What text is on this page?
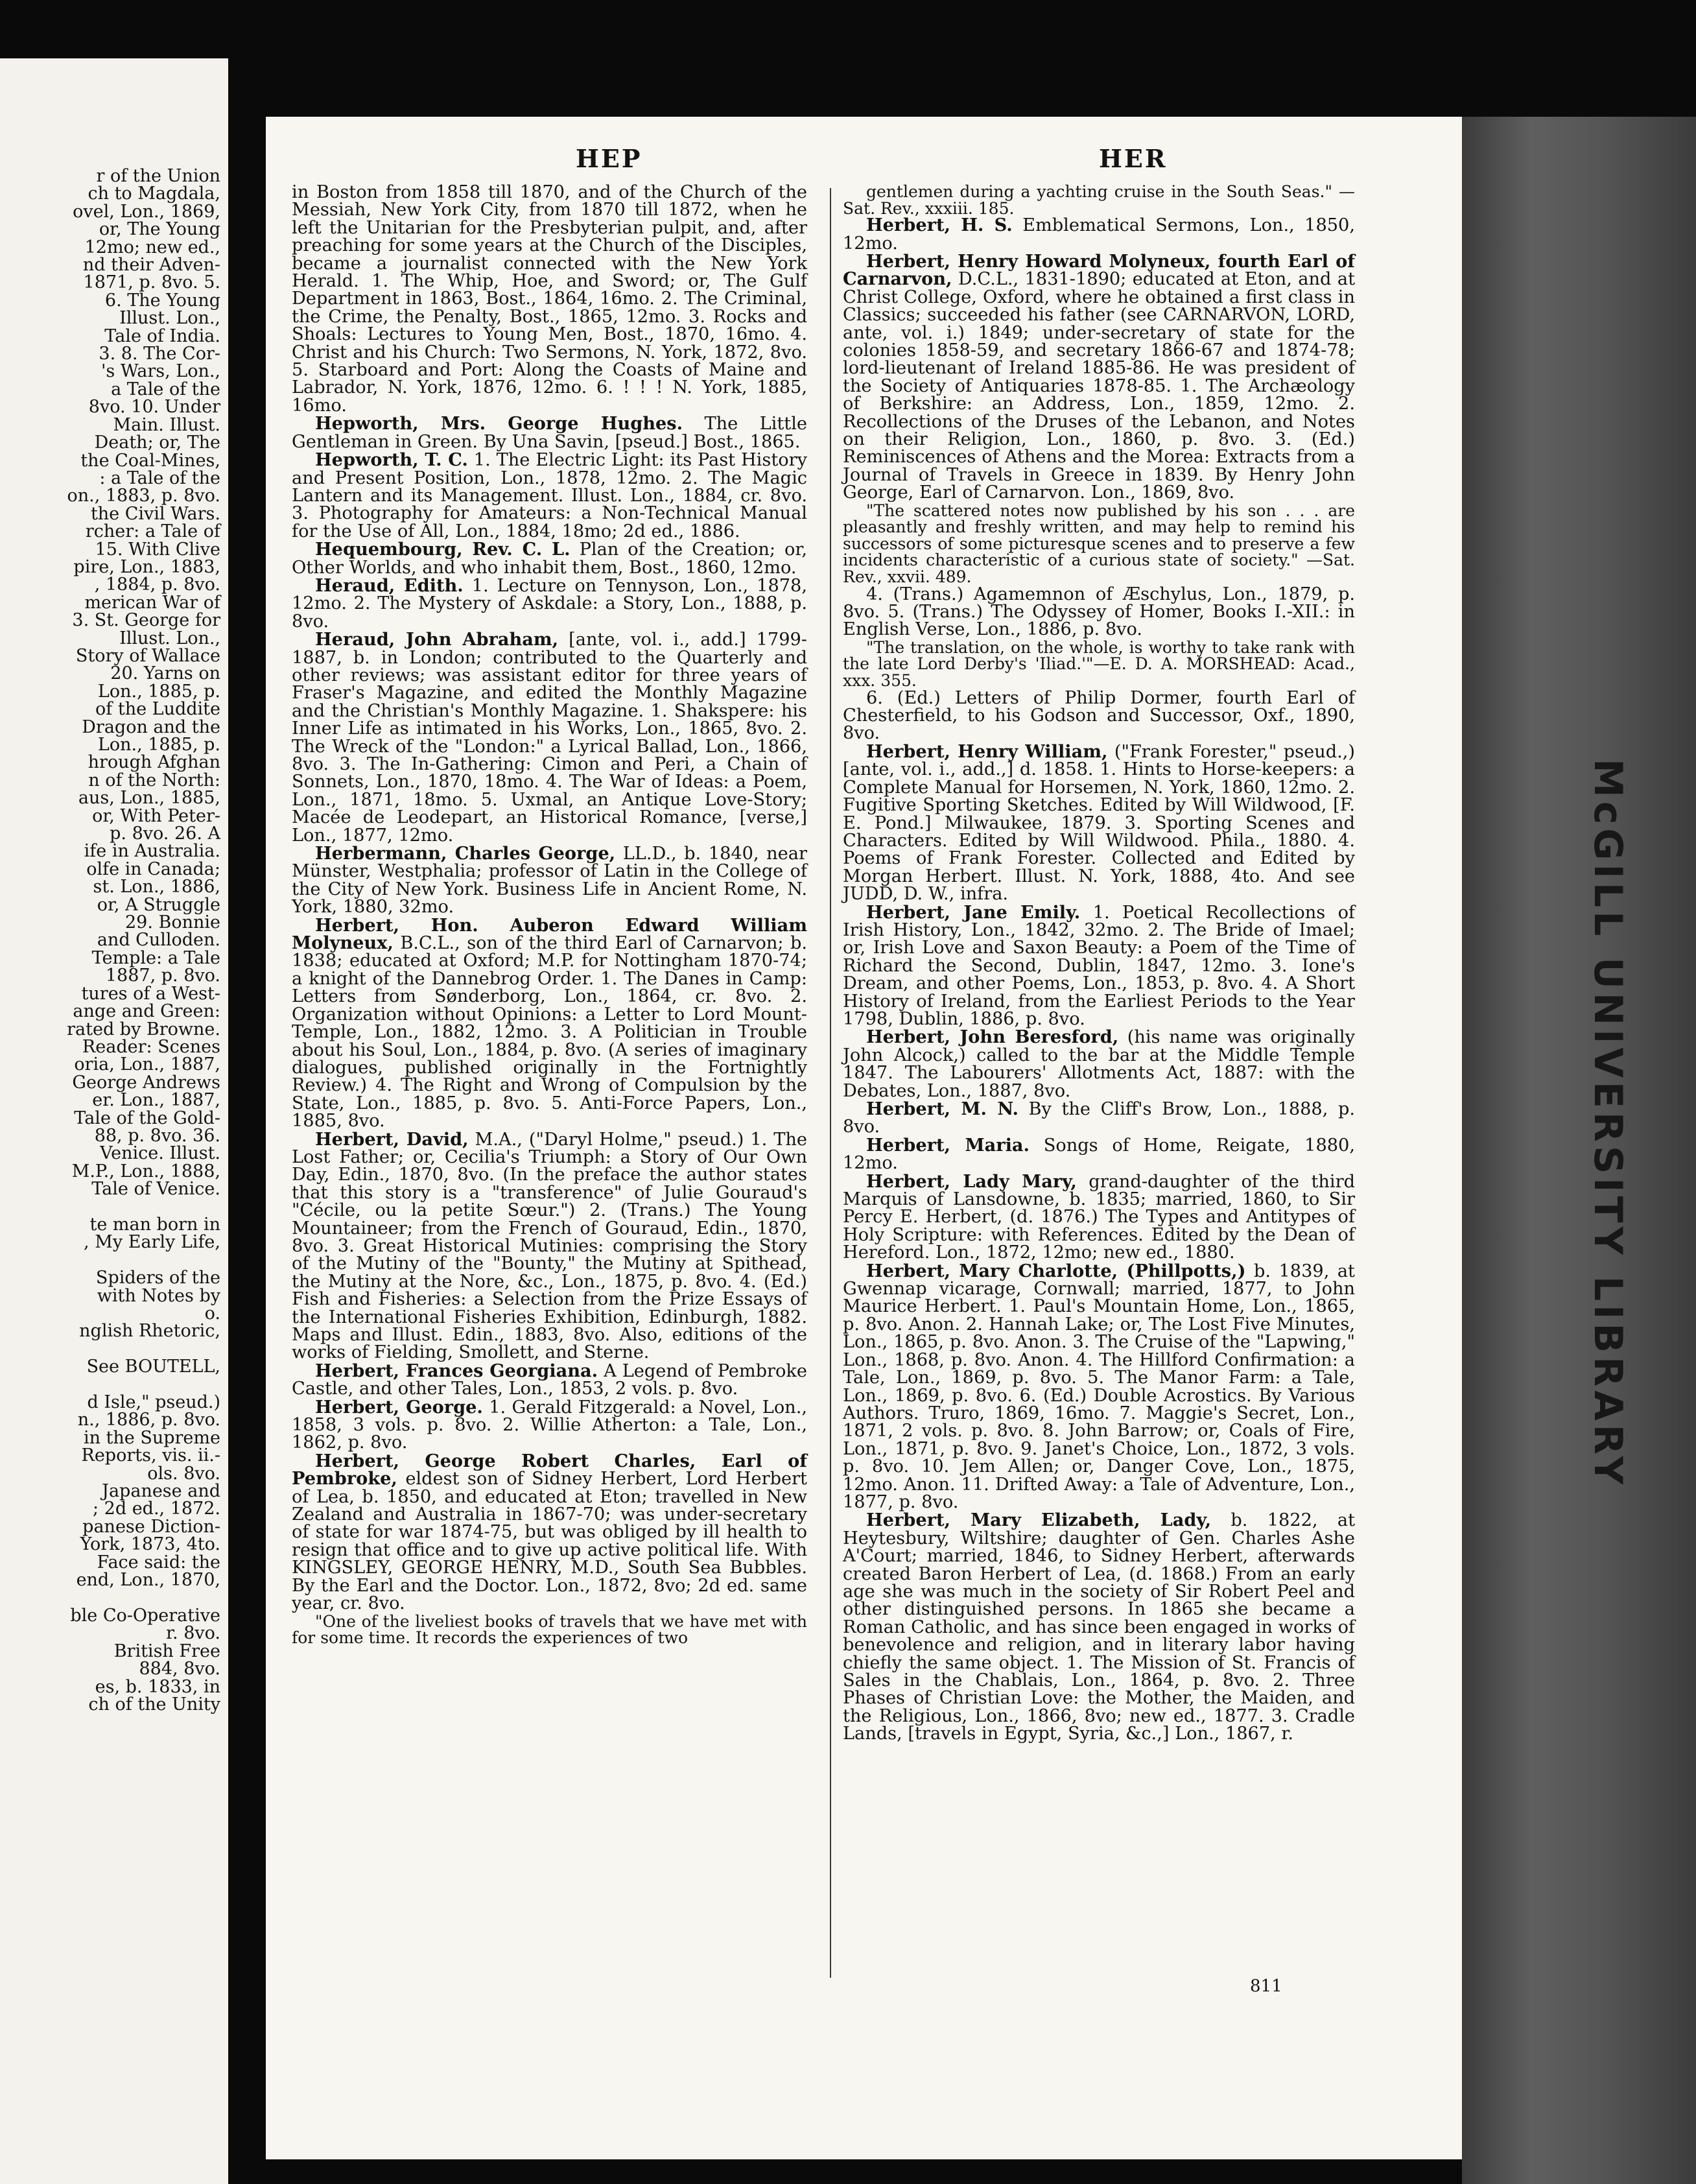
r of the Union
ch to Magdala,
ovel, Lon., 1869,
or, The Young
12mo; new ed.,
nd their Adven-
1871, p. 8vo. 5.
6. The Young
Illust. Lon.,
Tale of India.
3. 8. The Cor-
's Wars, Lon.,
a Tale of the
8vo. 10. Under
Main. Illust.
Death; or, The
the Coal-Mines,
: a Tale of the
on., 1883, p. 8vo.
the Civil Wars.
rcher: a Tale of
15. With Clive
pire, Lon., 1883,
, 1884, p. 8vo.
merican War of
3. St. George for
Illust. Lon.,
Story of Wallace
20. Yarns on
Lon., 1885, p.
of the Luddite
Dragon and the
Lon., 1885, p.
hrough Afghan
n of the North:
aus, Lon., 1885,
or, With Peter-
p. 8vo. 26. A
ife in Australia.
olfe in Canada;
st. Lon., 1886,
or, A Struggle
29. Bonnie
and Culloden.
Temple: a Tale
1887, p. 8vo.
tures of a West-
ange and Green:
rated by Browne.
Reader: Scenes
oria, Lon., 1887,
George Andrews
er. Lon., 1887,
Tale of the Gold-
88, p. 8vo. 36.
Venice. Illust.
M.P., Lon., 1888,
Tale of Venice.

te man born in
, My Early Life,

Spiders of the
with Notes by
o.
nglish Rhetoric,

See BOUTELL,

d Isle," pseud.)
n., 1886, p. 8vo.
in the Supreme
Reports, vis. ii.-
ols. 8vo.
Japanese and
; 2d ed., 1872.
panese Diction-
York, 1873, 4to.
Face said: the
end, Lon., 1870,

ble Co-Operative
r. 8vo.
British Free
884, 8vo.
es, b. 1833, in
ch of the Unity
McGILL UNIVERSITY LIBRARY
HEP	HER

in Boston from 1858 till 1870, and of the Church of the Messiah, New York City, from 1870 till 1872, when he left the Unitarian for the Presbyterian pulpit, and, after preaching for some years at the Church of the Disciples, became a journalist connected with the New York Herald. 1. The Whip, Hoe, and Sword; or, The Gulf Department in 1863, Bost., 1864, 16mo. 2. The Criminal, the Crime, the Penalty, Bost., 1865, 12mo. 3. Rocks and Shoals: Lectures to Young Men, Bost., 1870, 16mo. 4. Christ and his Church: Two Sermons, N. York, 1872, 8vo. 5. Starboard and Port: Along the Coasts of Maine and Labrador, N. York, 1876, 12mo. 6. ! ! ! N. York, 1885, 16mo.

Hepworth, Mrs. George Hughes. The Little Gentleman in Green. By Una Savin, [pseud.] Bost., 1865.

Hepworth, T. C. 1. The Electric Light: its Past History and Present Position, Lon., 1878, 12mo. 2. The Magic Lantern and its Management. Illust. Lon., 1884, cr. 8vo. 3. Photography for Amateurs: a Non-Technical Manual for the Use of All, Lon., 1884, 18mo; 2d ed., 1886.

Hequembourg, Rev. C. L. Plan of the Creation; or, Other Worlds, and who inhabit them, Bost., 1860, 12mo.

Heraud, Edith. 1. Lecture on Tennyson, Lon., 1878, 12mo. 2. The Mystery of Askdale: a Story, Lon., 1888, p. 8vo.

Heraud, John Abraham, [ante, vol. i., add.] 1799-1887, b. in London; contributed to the Quarterly and other reviews; was assistant editor for three years of Fraser's Magazine, and edited the Monthly Magazine and the Christian's Monthly Magazine. 1. Shakspere: his Inner Life as intimated in his Works, Lon., 1865, 8vo. 2. The Wreck of the "London:" a Lyrical Ballad, Lon., 1866, 8vo. 3. The In-Gathering: Cimon and Peri, a Chain of Sonnets, Lon., 1870, 18mo. 4. The War of Ideas: a Poem, Lon., 1871, 18mo. 5. Uxmal, an Antique Love-Story; Macée de Leodepart, an Historical Romance, [verse,] Lon., 1877, 12mo.

Herbermann, Charles George, LL.D., b. 1840, near Münster, Westphalia; professor of Latin in the College of the City of New York. Business Life in Ancient Rome, N. York, 1880, 32mo.

Herbert, Hon. Auberon Edward William Molyneux, B.C.L., son of the third Earl of Carnarvon; b. 1838; educated at Oxford; M.P. for Nottingham 1870-74; a knight of the Dannebrog Order. 1. The Danes in Camp: Letters from Sønderborg, Lon., 1864, cr. 8vo. 2. Organization without Opinions: a Letter to Lord Mount-Temple, Lon., 1882, 12mo. 3. A Politician in Trouble about his Soul, Lon., 1884, p. 8vo. (A series of imaginary dialogues, published originally in the Fortnightly Review.) 4. The Right and Wrong of Compulsion by the State, Lon., 1885, p. 8vo. 5. Anti-Force Papers, Lon., 1885, 8vo.

Herbert, David, M.A., ("Daryl Holme," pseud.) 1. The Lost Father; or, Cecilia's Triumph: a Story of Our Own Day, Edin., 1870, 8vo. (In the preface the author states that this story is a "transference" of Julie Gouraud's "Cécile, ou la petite Sœur.") 2. (Trans.) The Young Mountaineer; from the French of Gouraud, Edin., 1870, 8vo. 3. Great Historical Mutinies: comprising the Story of the Mutiny of the "Bounty," the Mutiny at Spithead, the Mutiny at the Nore, &c., Lon., 1875, p. 8vo. 4. (Ed.) Fish and Fisheries: a Selection from the Prize Essays of the International Fisheries Exhibition, Edinburgh, 1882. Maps and Illust. Edin., 1883, 8vo. Also, editions of the works of Fielding, Smollett, and Sterne.

Herbert, Frances Georgiana. A Legend of Pembroke Castle, and other Tales, Lon., 1853, 2 vols. p. 8vo.

Herbert, George. 1. Gerald Fitzgerald: a Novel, Lon., 1858, 3 vols. p. 8vo. 2. Willie Atherton: a Tale, Lon., 1862, p. 8vo.

Herbert, George Robert Charles, Earl of Pembroke, eldest son of Sidney Herbert, Lord Herbert of Lea, b. 1850, and educated at Eton; travelled in New Zealand and Australia in 1867-70; was under-secretary of state for war 1874-75, but was obliged by ill health to resign that office and to give up active political life. With KINGSLEY, GEORGE HENRY, M.D., South Sea Bubbles. By the Earl and the Doctor. Lon., 1872, 8vo; 2d ed. same year, cr. 8vo.

"One of the liveliest books of travels that we have met with for some time. It records the experiences of two

gentlemen during a yachting cruise in the South Seas." —Sat. Rev., xxxiii. 185.

Herbert, H. S. Emblematical Sermons, Lon., 1850, 12mo.

Herbert, Henry Howard Molyneux, fourth Earl of Carnarvon, D.C.L., 1831-1890; educated at Eton, and at Christ College, Oxford, where he obtained a first class in Classics; succeeded his father (see CARNARVON, LORD, ante, vol. i.) 1849; under-secretary of state for the colonies 1858-59, and secretary 1866-67 and 1874-78; lord-lieutenant of Ireland 1885-86. He was president of the Society of Antiquaries 1878-85. 1. The Archæology of Berkshire: an Address, Lon., 1859, 12mo. 2. Recollections of the Druses of the Lebanon, and Notes on their Religion, Lon., 1860, p. 8vo. 3. (Ed.) Reminiscences of Athens and the Morea: Extracts from a Journal of Travels in Greece in 1839. By Henry John George, Earl of Carnarvon. Lon., 1869, 8vo.

"The scattered notes now published by his son . . . are pleasantly and freshly written, and may help to remind his successors of some picturesque scenes and to preserve a few incidents characteristic of a curious state of society." —Sat. Rev., xxvii. 489.

4. (Trans.) Agamemnon of Æschylus, Lon., 1879, p. 8vo. 5. (Trans.) The Odyssey of Homer, Books I.-XII.: in English Verse, Lon., 1886, p. 8vo.

"The translation, on the whole, is worthy to take rank with the late Lord Derby's 'Iliad.'"—E. D. A. MORSHEAD: Acad., xxx. 355.

6. (Ed.) Letters of Philip Dormer, fourth Earl of Chesterfield, to his Godson and Successor, Oxf., 1890, 8vo.

Herbert, Henry William, ("Frank Forester," pseud.,) [ante, vol. i., add.,] d. 1858. 1. Hints to Horse-keepers: a Complete Manual for Horsemen, N. York, 1860, 12mo. 2. Fugitive Sporting Sketches. Edited by Will Wildwood, [F. E. Pond.] Milwaukee, 1879. 3. Sporting Scenes and Characters. Edited by Will Wildwood. Phila., 1880. 4. Poems of Frank Forester. Collected and Edited by Morgan Herbert. Illust. N. York, 1888, 4to. And see JUDD, D. W., infra.

Herbert, Jane Emily. 1. Poetical Recollections of Irish History, Lon., 1842, 32mo. 2. The Bride of Imael; or, Irish Love and Saxon Beauty: a Poem of the Time of Richard the Second, Dublin, 1847, 12mo. 3. Ione's Dream, and other Poems, Lon., 1853, p. 8vo. 4. A Short History of Ireland, from the Earliest Periods to the Year 1798, Dublin, 1886, p. 8vo.

Herbert, John Beresford, (his name was originally John Alcock,) called to the bar at the Middle Temple 1847. The Labourers' Allotments Act, 1887: with the Debates, Lon., 1887, 8vo.

Herbert, M. N. By the Cliff's Brow, Lon., 1888, p. 8vo.

Herbert, Maria. Songs of Home, Reigate, 1880, 12mo.

Herbert, Lady Mary, grand-daughter of the third Marquis of Lansdowne, b. 1835; married, 1860, to Sir Percy E. Herbert, (d. 1876.) The Types and Antitypes of Holy Scripture: with References. Edited by the Dean of Hereford. Lon., 1872, 12mo; new ed., 1880.

Herbert, Mary Charlotte, (Phillpotts,) b. 1839, at Gwennap vicarage, Cornwall; married, 1877, to John Maurice Herbert. 1. Paul's Mountain Home, Lon., 1865, p. 8vo. Anon. 2. Hannah Lake; or, The Lost Five Minutes, Lon., 1865, p. 8vo. Anon. 3. The Cruise of the "Lapwing," Lon., 1868, p. 8vo. Anon. 4. The Hillford Confirmation: a Tale, Lon., 1869, p. 8vo. 5. The Manor Farm: a Tale, Lon., 1869, p. 8vo. 6. (Ed.) Double Acrostics. By Various Authors. Truro, 1869, 16mo. 7. Maggie's Secret, Lon., 1871, 2 vols. p. 8vo. 8. John Barrow; or, Coals of Fire, Lon., 1871, p. 8vo. 9. Janet's Choice, Lon., 1872, 3 vols. p. 8vo. 10. Jem Allen; or, Danger Cove, Lon., 1875, 12mo. Anon. 11. Drifted Away: a Tale of Adventure, Lon., 1877, p. 8vo.

Herbert, Mary Elizabeth, Lady, b. 1822, at Heytesbury, Wiltshire; daughter of Gen. Charles Ashe A'Court; married, 1846, to Sidney Herbert, afterwards created Baron Herbert of Lea, (d. 1868.) From an early age she was much in the society of Sir Robert Peel and other distinguished persons. In 1865 she became a Roman Catholic, and has since been engaged in works of benevolence and religion, and in literary labor having chiefly the same object. 1. The Mission of St. Francis of Sales in the Chablais, Lon., 1864, p. 8vo. 2. Three Phases of Christian Love: the Mother, the Maiden, and the Religious, Lon., 1866, 8vo; new ed., 1877. 3. Cradle Lands, [travels in Egypt, Syria, &c.,] Lon., 1867, r.

811
